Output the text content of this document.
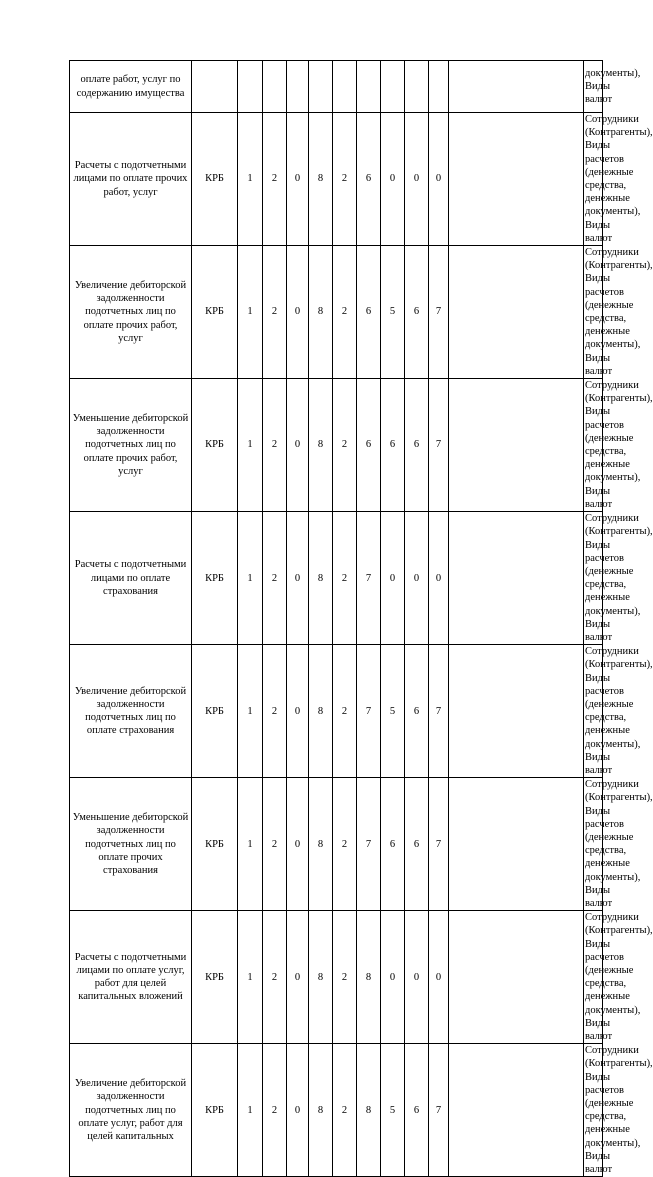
оплате работ, услуг по содержанию имущества												документы), Виды валют
Расчеты с подотчетными лицами по оплате прочих работ, услуг	КРБ	1	2	0	8	2	6	0	0	0		Сотрудники (Контрагенты), Виды расчетов (денежные средства, денежные документы), Виды валют
Увеличение дебиторской задолженности подотчетных лиц по оплате прочих работ, услуг	КРБ	1	2	0	8	2	6	5	6	7		Сотрудники (Контрагенты), Виды расчетов (денежные средства, денежные документы), Виды валют
Уменьшение дебиторской задолженности подотчетных лиц по оплате прочих работ, услуг	КРБ	1	2	0	8	2	6	6	6	7		Сотрудники (Контрагенты), Виды расчетов (денежные средства, денежные документы), Виды валют
Расчеты с подотчетными лицами по оплате страхования	КРБ	1	2	0	8	2	7	0	0	0		Сотрудники (Контрагенты), Виды расчетов (денежные средства, денежные документы), Виды валют
Увеличение дебиторской задолженности подотчетных лиц по оплате страхования	КРБ	1	2	0	8	2	7	5	6	7		Сотрудники (Контрагенты), Виды расчетов (денежные средства, денежные документы), Виды валют
Уменьшение дебиторской задолженности подотчетных лиц по оплате прочих страхования	КРБ	1	2	0	8	2	7	6	6	7		Сотрудники (Контрагенты), Виды расчетов (денежные средства, денежные документы), Виды валют
Расчеты с подотчетными лицами по оплате услуг, работ для целей капитальных вложений	КРБ	1	2	0	8	2	8	0	0	0		Сотрудники (Контрагенты), Виды расчетов (денежные средства, денежные документы), Виды валют
Увеличение дебиторской задолженности подотчетных лиц по оплате услуг, работ для целей капитальных	КРБ	1	2	0	8	2	8	5	6	7		Сотрудники (Контрагенты), Виды расчетов (денежные средства, денежные документы), Виды валют
